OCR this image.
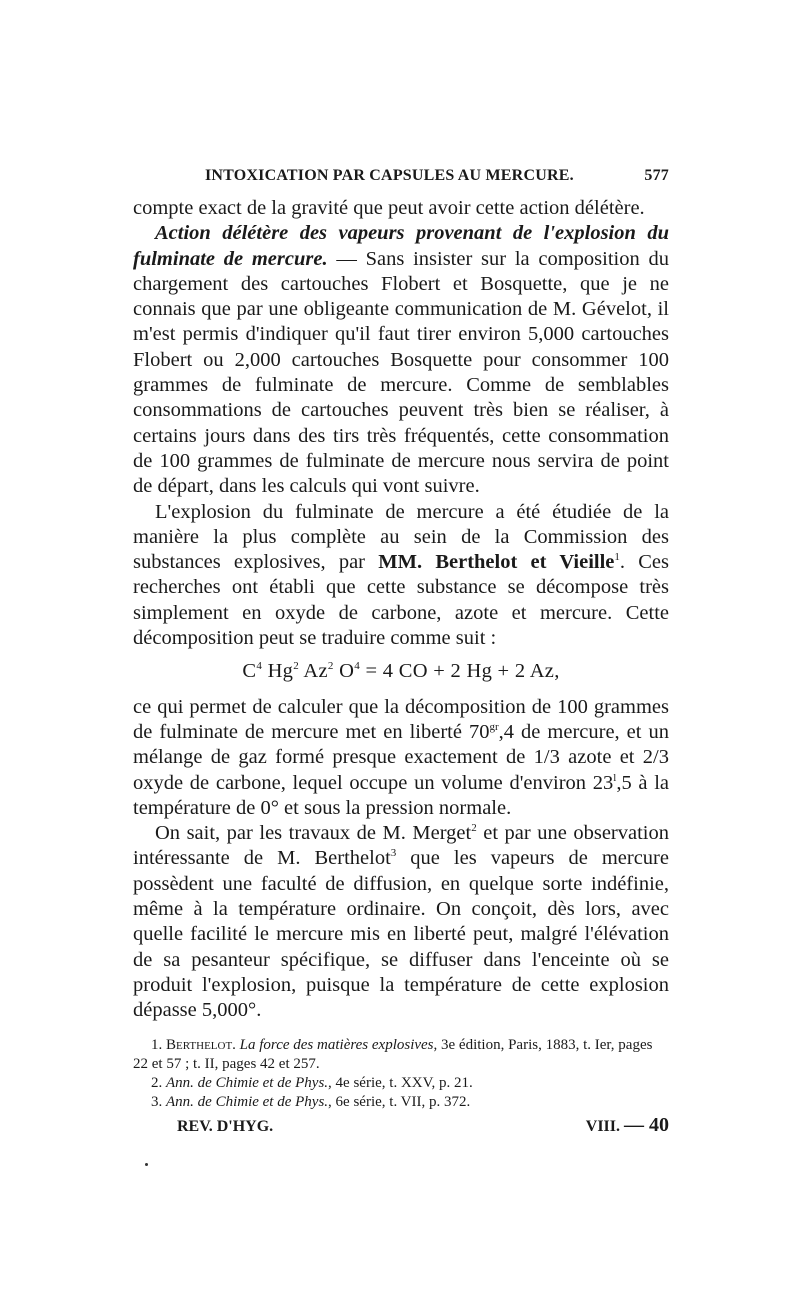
INTOXICATION PAR CAPSULES AU MERCURE.	577

compte exact de la gravité que peut avoir cette action délétère.

Action délétère des vapeurs provenant de l'explosion du fulminate de mercure. — Sans insister sur la composition du chargement des cartouches Flobert et Bosquette, que je ne connais que par une obligeante communication de M. Gévelot, il m'est permis d'indiquer qu'il faut tirer environ 5,000 cartouches Flobert ou 2,000 cartouches Bosquette pour consommer 100 grammes de fulminate de mercure. Comme de semblables consommations de cartouches peuvent très bien se réaliser, à certains jours dans des tirs très fréquentés, cette consommation de 100 grammes de fulminate de mercure nous servira de point de départ, dans les calculs qui vont suivre.

L'explosion du fulminate de mercure a été étudiée de la manière la plus complète au sein de la Commission des substances explosives, par MM. Berthelot et Vieille$^1$. Ces recherches ont établi que cette substance se décompose très simplement en oxyde de carbone, azote et mercure. Cette décomposition peut se traduire comme suit :

$C^4$ Hg$^2$ Az$^2$ $O^4 = 4$ CO + 2 Hg + 2 Az,

ce qui permet de calculer que la décomposition de 100 grammes de fulminate de mercure met en liberté $70^{gr},4$ de mercure, et un mélange de gaz formé presque exactement de 1/3 azote et 2/3 oxyde de carbone, lequel occupe un volume d'environ 23$^l$,5 à la température de 0° et sous la pression normale.

On sait, par les travaux de M. Merget$^2$ et par une observation intéressante de M. Berthelot$^3$ que les vapeurs de mercure possèdent une faculté de diffusion, en quelque sorte indéfinie, même à la température ordinaire. On conçoit, dès lors, avec quelle facilité le mercure mis en liberté peut, malgré l'élévation de sa pesanteur spécifique, se diffuser dans l'enceinte où se produit l'explosion, puisque la température de cette explosion dépasse 5,000°.

1. Berthelot. La force des matières explosives, 3e édition, Paris, 1883, t. Ier, pages 22 et 57 ; t. II, pages 42 et 257.

2. Ann. de Chimie et de Phys., 4e série, t. XXV, p. 21.

3. Ann. de Chimie et de Phys., 6e série, t. VII, p. 372.

REV. D'HYG.	VIII. — 40
